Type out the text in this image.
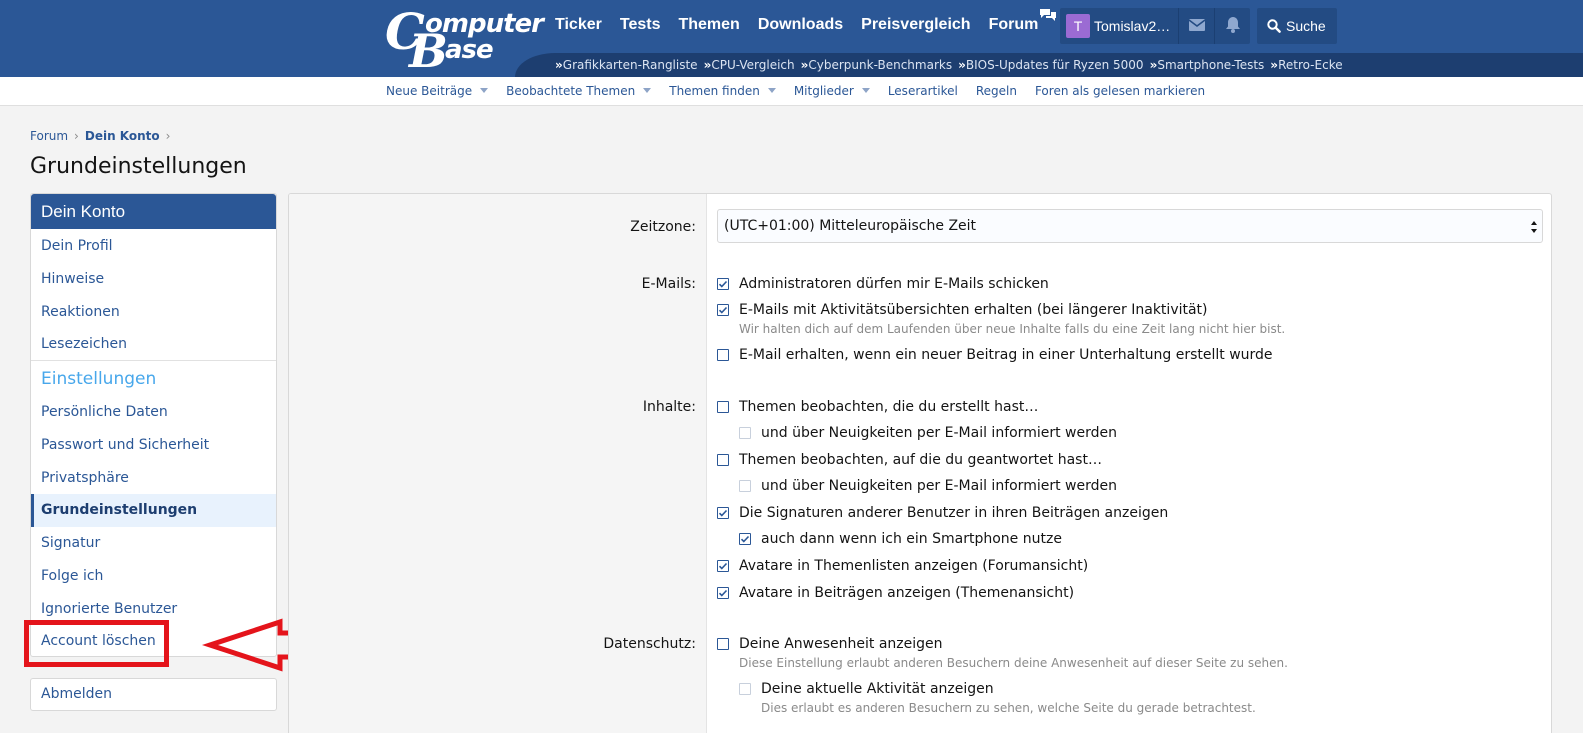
C omputer
B
ase
Ticker	Tests	Themen	Downloads	Preisvergleich	Forum	T Tomislav2…	Suche
»Grafikkarten-Rangliste »CPU-Vergleich »Cyberpunk-Benchmarks »BIOS-Updates für Ryzen 5000 »Smartphone-Tests »Retro-Ecke
Neue Beiträge	Beobachtete Themen	Themen finden	Mitglieder	Leserartikel Regeln Foren als gelesen markieren
Forum › Dein Konto ›
Grundeinstellungen
Dein Konto
Dein Profil
Hinweise
Reaktionen
Lesezeichen
Einstellungen
Persönliche Daten
Passwort und Sicherheit
Privatsphäre
Grundeinstellungen
Signatur
Folge ich
Ignorierte Benutzer
Account löschen
Abmelden
Zeitzone:	(UTC+01:00) Mitteleuropäische Zeit
E-Mails:	Administratoren dürfen mir E-Mails schicken
E-Mails mit Aktivitätsübersichten erhalten (bei längerer Inaktivität)
Wir halten dich auf dem Laufenden über neue Inhalte falls du eine Zeit lang nicht hier bist.
E-Mail erhalten, wenn ein neuer Beitrag in einer Unterhaltung erstellt wurde
Inhalte:	Themen beobachten, die du erstellt hast…
und über Neuigkeiten per E-Mail informiert werden
Themen beobachten, auf die du geantwortet hast…
und über Neuigkeiten per E-Mail informiert werden
Die Signaturen anderer Benutzer in ihren Beiträgen anzeigen
auch dann wenn ich ein Smartphone nutze
Avatare in Themenlisten anzeigen (Forumansicht)
Avatare in Beiträgen anzeigen (Themenansicht)
Datenschutz:	Deine Anwesenheit anzeigen
Diese Einstellung erlaubt anderen Besuchern deine Anwesenheit auf dieser Seite zu sehen.
Deine aktuelle Aktivität anzeigen
Dies erlaubt es anderen Besuchern zu sehen, welche Seite du gerade betrachtest.
